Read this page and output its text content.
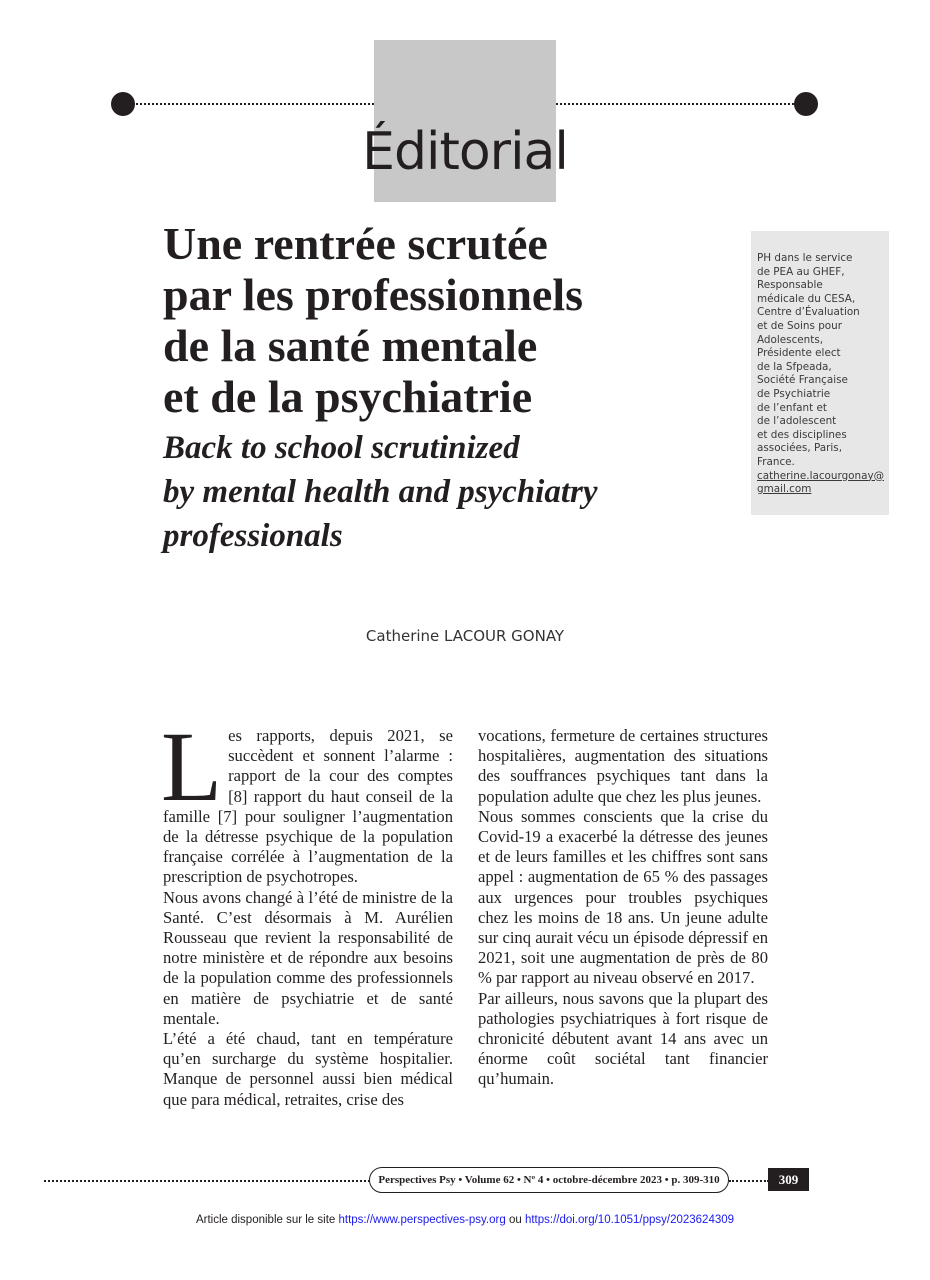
Éditorial
Une rentrée scrutée
par les professionnels
de la santé mentale
et de la psychiatrie
Back to school scrutinized
by mental health and psychiatry
professionals
PH dans le service
de PEA au GHEF,
Responsable
médicale du CESA,
Centre d’Évaluation
et de Soins pour
Adolescents,
Présidente elect
de la Sfpeada,
Société Française
de Psychiatrie
de l’enfant et
de l’adolescent
et des disciplines
associées, Paris,
France.
catherine.lacourgonay@
gmail.com
Catherine LACOUR GONAY

Les rapports, depuis 2021, se succèdent et sonnent l’alarme : rapport de la cour des comptes [8] rapport du haut conseil de la famille [7] pour souligner l’augmentation de la détresse psychique de la population française corrélée à l’augmentation de la prescription de psychotropes.

Nous avons changé à l’été de ministre de la Santé. C’est désormais à M. Aurélien Rousseau que revient la responsabilité de notre ministère et de répondre aux besoins de la population comme des professionnels en matière de psychiatrie et de santé mentale.

L’été a été chaud, tant en température qu’en surcharge du système hospitalier. Manque de personnel aussi bien médical que para médical, retraites, crise des

vocations, fermeture de certaines structures hospitalières, augmentation des situations des souffrances psychiques tant dans la population adulte que chez les plus jeunes.

Nous sommes conscients que la crise du Covid-19 a exacerbé la détresse des jeunes et de leurs familles et les chiffres sont sans appel : augmentation de 65 % des passages aux urgences pour troubles psychiques chez les moins de 18 ans. Un jeune adulte sur cinq aurait vécu un épisode dépressif en 2021, soit une augmentation de près de 80 % par rapport au niveau observé en 2017.

Par ailleurs, nous savons que la plupart des pathologies psychiatriques à fort risque de chronicité débutent avant 14 ans avec un énorme coût sociétal tant financier qu’humain.

Perspectives Psy • Volume 62 • Nº 4 • octobre-décembre 2023 • p. 309-310	309
Article disponible sur le site https://www.perspectives-psy.org ou https://doi.org/10.1051/ppsy/2023624309
